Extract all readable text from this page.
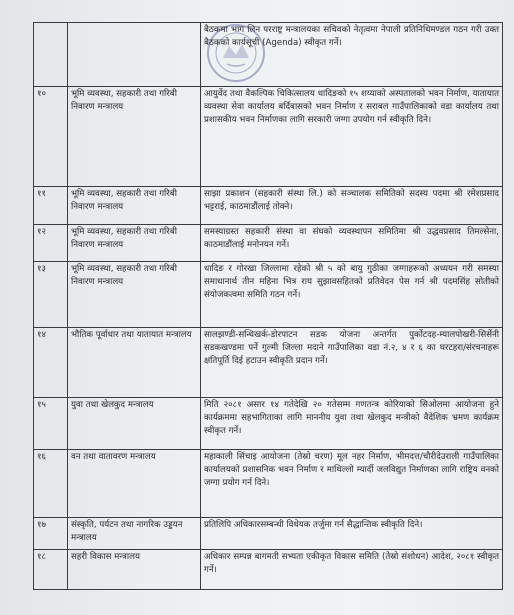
		बैठकमा भाग लिन परराष्ट्र मन्त्रालयका सचिवको नेतृत्वमा नेपाली प्रतिनिधिमण्डल गठन गरी उक्त बैठकको कार्यसूची (Agenda) स्वीकृत गर्ने।
१०	भूमि व्यवस्था, सहकारी तथा गरिबी निवारण मन्त्रालय	आयुर्वेद तथा वैकल्पिक चिकित्सालय धादिङको १५ शय्याको अस्पतालको भवन निर्माण, यातायात व्यवस्था सेवा कार्यालय बर्दिबासको भवन निर्माण र सराबल गाउँपालिकाको वडा कार्यालय तथा प्रशासकीय भवन निर्माणका लागि सरकारी जग्गा उपयोग गर्न स्वीकृति दिने।
११	भूमि व्यवस्था, सहकारी तथा गरिबी निवारण मन्त्रालय	साझा प्रकाशन (सहकारी संस्था लि.) को सञ्चालक समितिको सदस्य पदमा श्री रमेशप्रसाद भट्टराई, काठमाडौंलाई तोक्ने।
१२	भूमि व्यवस्था, सहकारी तथा गरिबी निवारण मन्त्रालय	समस्याग्रस्त सहकारी संस्था वा संघको व्यवस्थापन समितिमा श्री उद्धवप्रसाद तिमल्सेना, काठमाडौंलाई मनोनयन गर्ने।
१३	भूमि व्यवस्था, सहकारी तथा गरिबी निवारण मन्त्रालय	धादिङ र गोरखा जिल्लामा रहेको श्री ५ को बायु गुठीका जग्गाहरूको अध्ययन गरी समस्या समाधानार्थ तीन महिना भित्र राय सुझावसहितको प्रतिवेदन पेस गर्न श्री पदमसिंह सोतीको संयोजकत्वमा समिति गठन गर्ने।
१४	भौतिक पूर्वाधार तथा यातायात मन्त्रालय	सालझण्डी-सन्धिखर्क-डोरपाटन सडक योजना अन्तर्गत पुर्कोटदह-म्यालपोखरी-सिर्सेनी सडकखण्डमा पर्ने गुल्मी जिल्ला मदाने गाउँपालिका वडा नं.२, ४ र ६ का घरटहरा/संरचनाहरू क्षतिपूर्ति दिई हटाउन स्वीकृति प्रदान गर्ने।
१५	युवा तथा खेलकुद मन्त्रालय	मिति २०८१ असार १४ गतेदेखि २० गतेसम्म गणतन्त्र कोरियाको सिओलमा आयोजना हुने कार्यक्रममा सहभागिताका लागि माननीय युवा तथा खेलकुद मन्त्रीको वैदेशिक भ्रमण कार्यक्रम स्वीकृत गर्ने।
१६	वन तथा वातावरण मन्त्रालय	महाकाली सिंचाइ आयोजना (तेस्रो चरण) मूल नहर निर्माण, भीमदत्त/चौरीदेउराली गाउँपालिका कार्यालयको प्रशासनिक भवन निर्माण र माथिल्लो म्यार्दी जलविद्युत निर्माणका लागि राष्ट्रिय वनको जग्गा प्रयोग गर्न दिने।
१७	संस्कृति, पर्यटन तथा नागरिक उड्डयन मन्त्रालय	प्रतिलिपि अधिकारसम्बन्धी विधेयक तर्जुमा गर्न सैद्धान्तिक स्वीकृति दिने।
१८	सहरी विकास मन्त्रालय	अधिकार सम्पन्न बागमती सभ्यता एकीकृत विकास समिति (तेस्रो संशोधन) आदेश, २०८१ स्वीकृत गर्ने।
